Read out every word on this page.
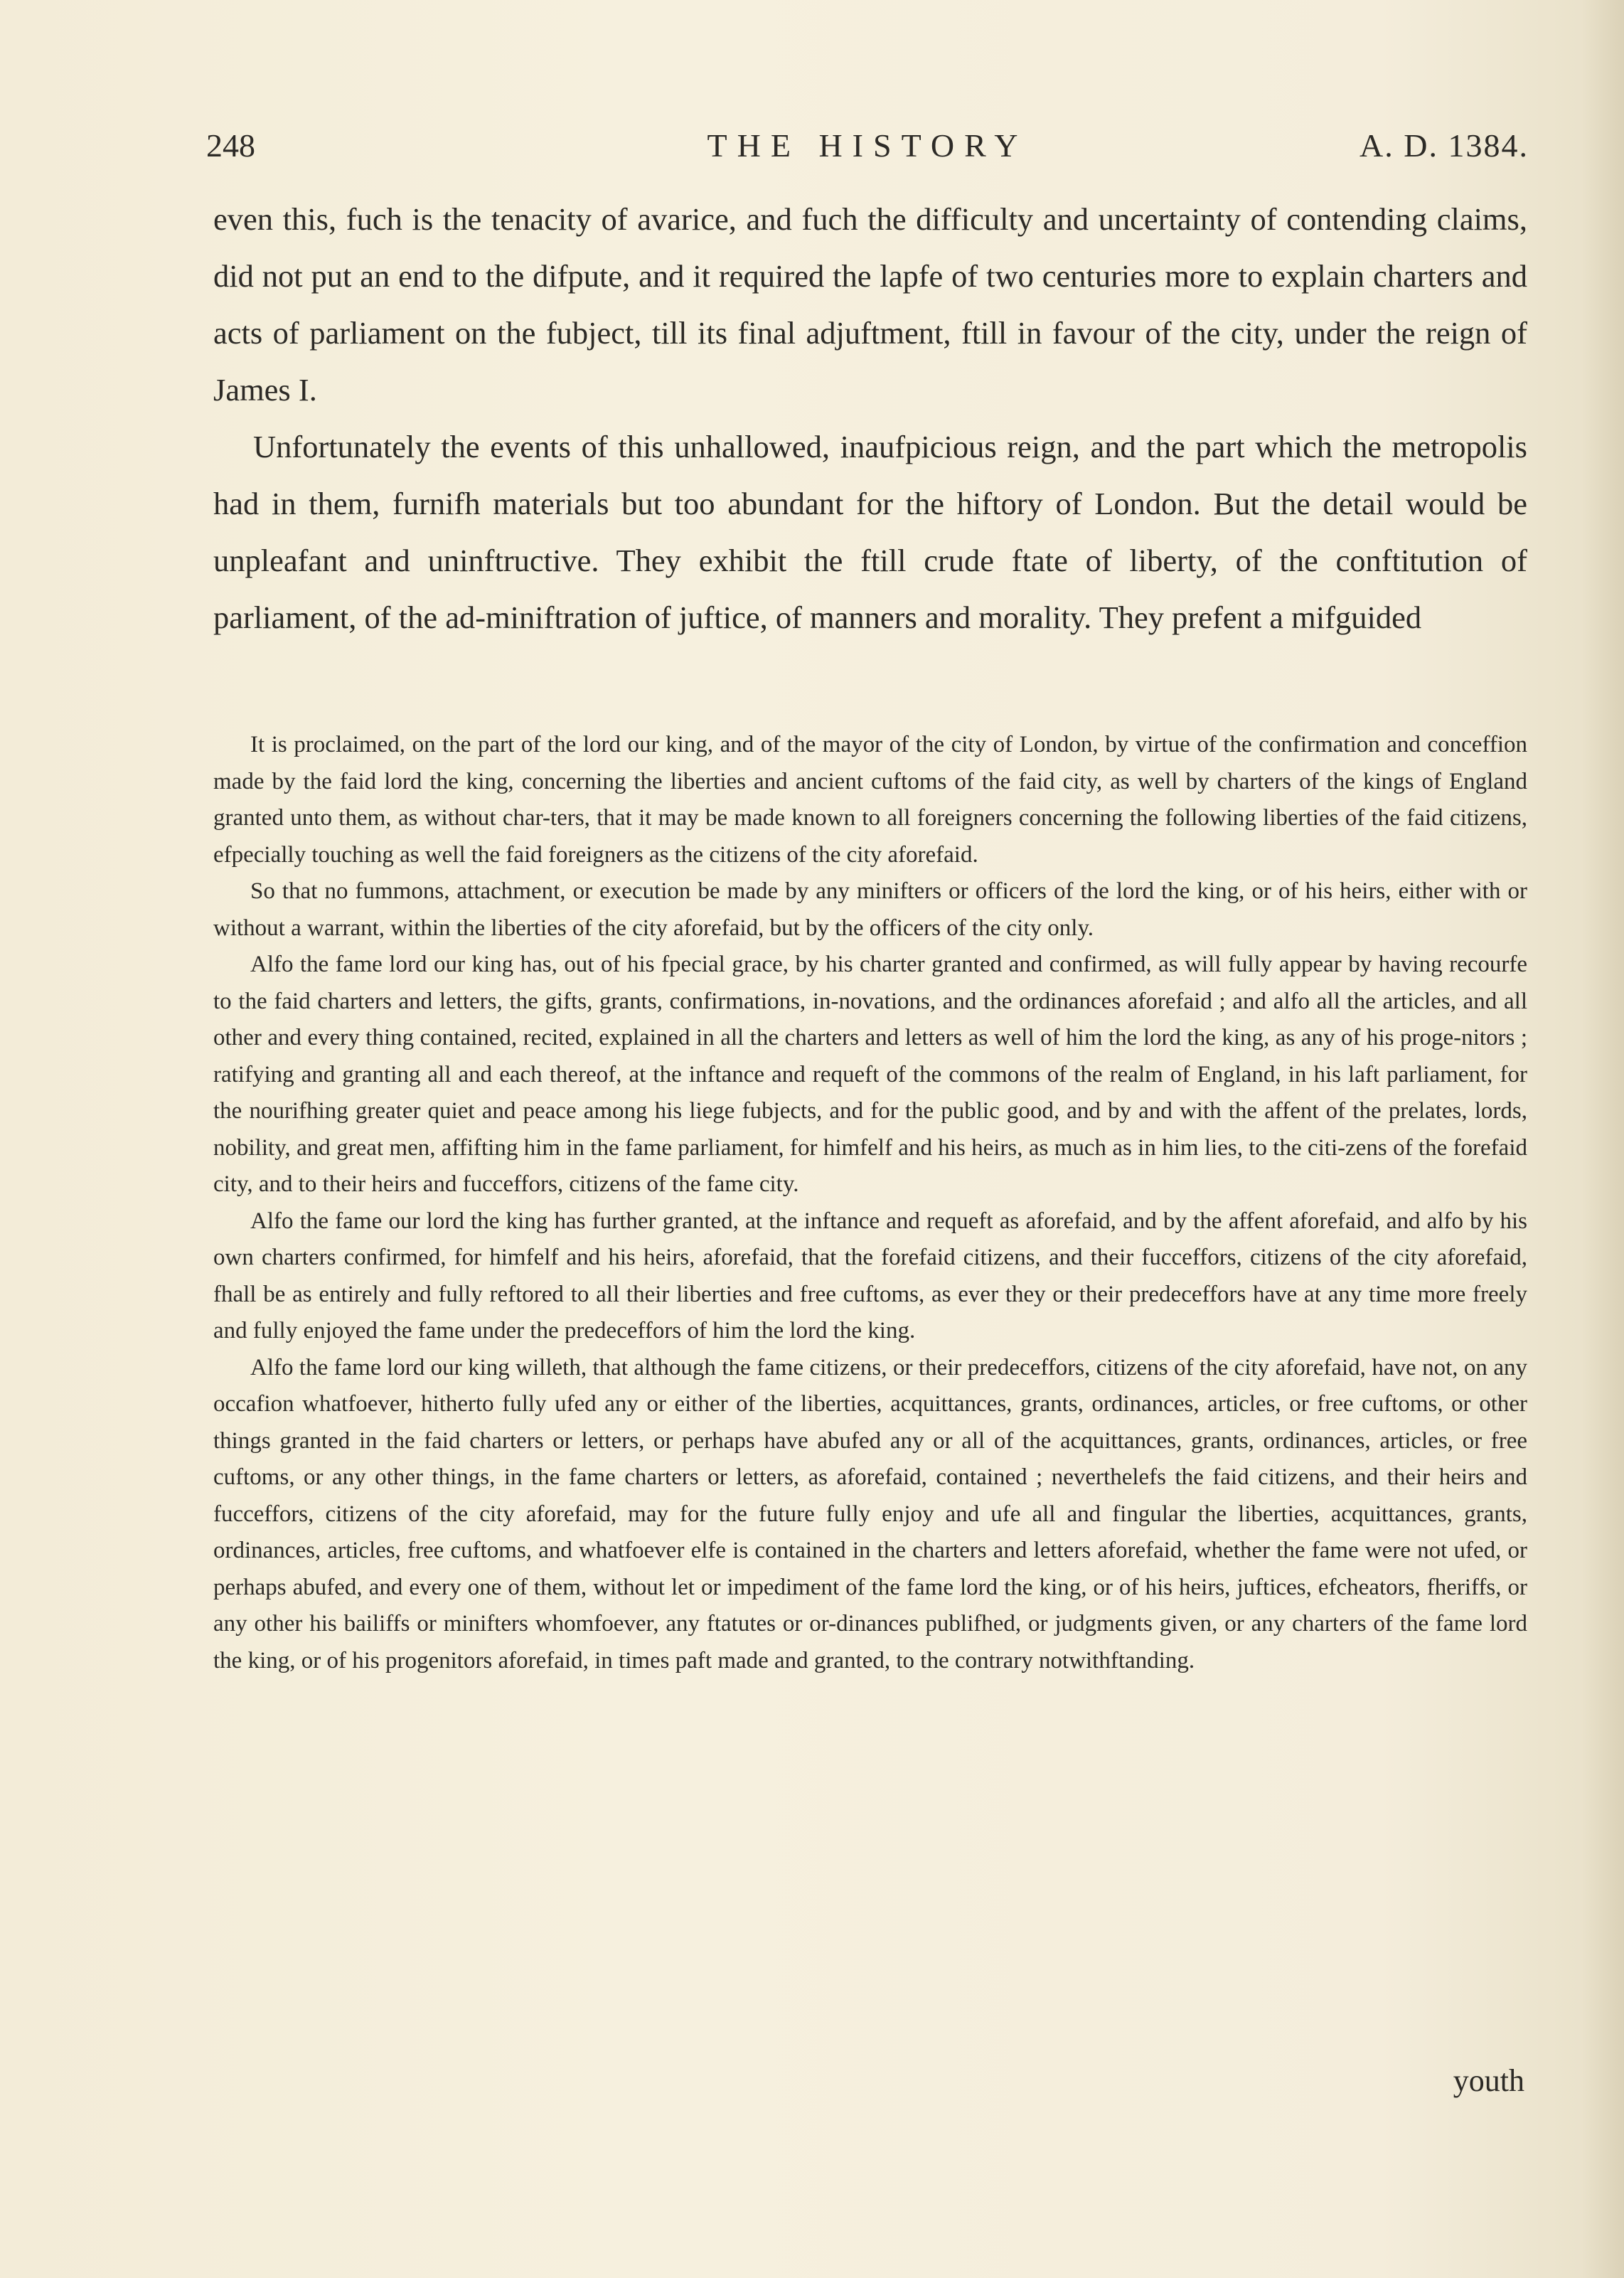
248	THE HISTORY	A. D. 1384.

even this, fuch is the tenacity of avarice, and fuch the difficulty and uncertainty of contending claims, did not put an end to the difpute, and it required the lapfe of two centuries more to explain charters and acts of parliament on the fubject, till its final adjuftment, ftill in favour of the city, under the reign of James I.

Unfortunately the events of this unhallowed, inaufpicious reign, and the part which the metropolis had in them, furnifh materials but too abundant for the hiftory of London. But the detail would be unpleafant and uninftructive. They exhibit the ftill crude ftate of liberty, of the conftitution of parliament, of the ad-miniftration of juftice, of manners and morality. They prefent a mifguided

It is proclaimed, on the part of the lord our king, and of the mayor of the city of London, by virtue of the confirmation and conceffion made by the faid lord the king, concerning the liberties and ancient cuftoms of the faid city, as well by charters of the kings of England granted unto them, as without char-ters, that it may be made known to all foreigners concerning the following liberties of the faid citizens, efpecially touching as well the faid foreigners as the citizens of the city aforefaid.

So that no fummons, attachment, or execution be made by any minifters or officers of the lord the king, or of his heirs, either with or without a warrant, within the liberties of the city aforefaid, but by the officers of the city only.

Alfo the fame lord our king has, out of his fpecial grace, by his charter granted and confirmed, as will fully appear by having recourfe to the faid charters and letters, the gifts, grants, confirmations, in-novations, and the ordinances aforefaid ; and alfo all the articles, and all other and every thing contained, recited, explained in all the charters and letters as well of him the lord the king, as any of his proge-nitors ; ratifying and granting all and each thereof, at the inftance and requeft of the commons of the realm of England, in his laft parliament, for the nourifhing greater quiet and peace among his liege fubjects, and for the public good, and by and with the affent of the prelates, lords, nobility, and great men, affifting him in the fame parliament, for himfelf and his heirs, as much as in him lies, to the citi-zens of the forefaid city, and to their heirs and fucceffors, citizens of the fame city.

Alfo the fame our lord the king has further granted, at the inftance and requeft as aforefaid, and by the affent aforefaid, and alfo by his own charters confirmed, for himfelf and his heirs, aforefaid, that the forefaid citizens, and their fucceffors, citizens of the city aforefaid, fhall be as entirely and fully reftored to all their liberties and free cuftoms, as ever they or their predeceffors have at any time more freely and fully enjoyed the fame under the predeceffors of him the lord the king.

Alfo the fame lord our king willeth, that although the fame citizens, or their predeceffors, citizens of the city aforefaid, have not, on any occafion whatfoever, hitherto fully ufed any or either of the liberties, acquittances, grants, ordinances, articles, or free cuftoms, or other things granted in the faid charters or letters, or perhaps have abufed any or all of the acquittances, grants, ordinances, articles, or free cuftoms, or any other things, in the fame charters or letters, as aforefaid, contained ; neverthelefs the faid citizens, and their heirs and fucceffors, citizens of the city aforefaid, may for the future fully enjoy and ufe all and fingular the liberties, acquittances, grants, ordinances, articles, free cuftoms, and whatfoever elfe is contained in the charters and letters aforefaid, whether the fame were not ufed, or perhaps abufed, and every one of them, without let or impediment of the fame lord the king, or of his heirs, juftices, efcheators, fheriffs, or any other his bailiffs or minifters whomfoever, any ftatutes or or-dinances publifhed, or judgments given, or any charters of the fame lord the king, or of his progenitors aforefaid, in times paft made and granted, to the contrary notwithftanding.

youth
